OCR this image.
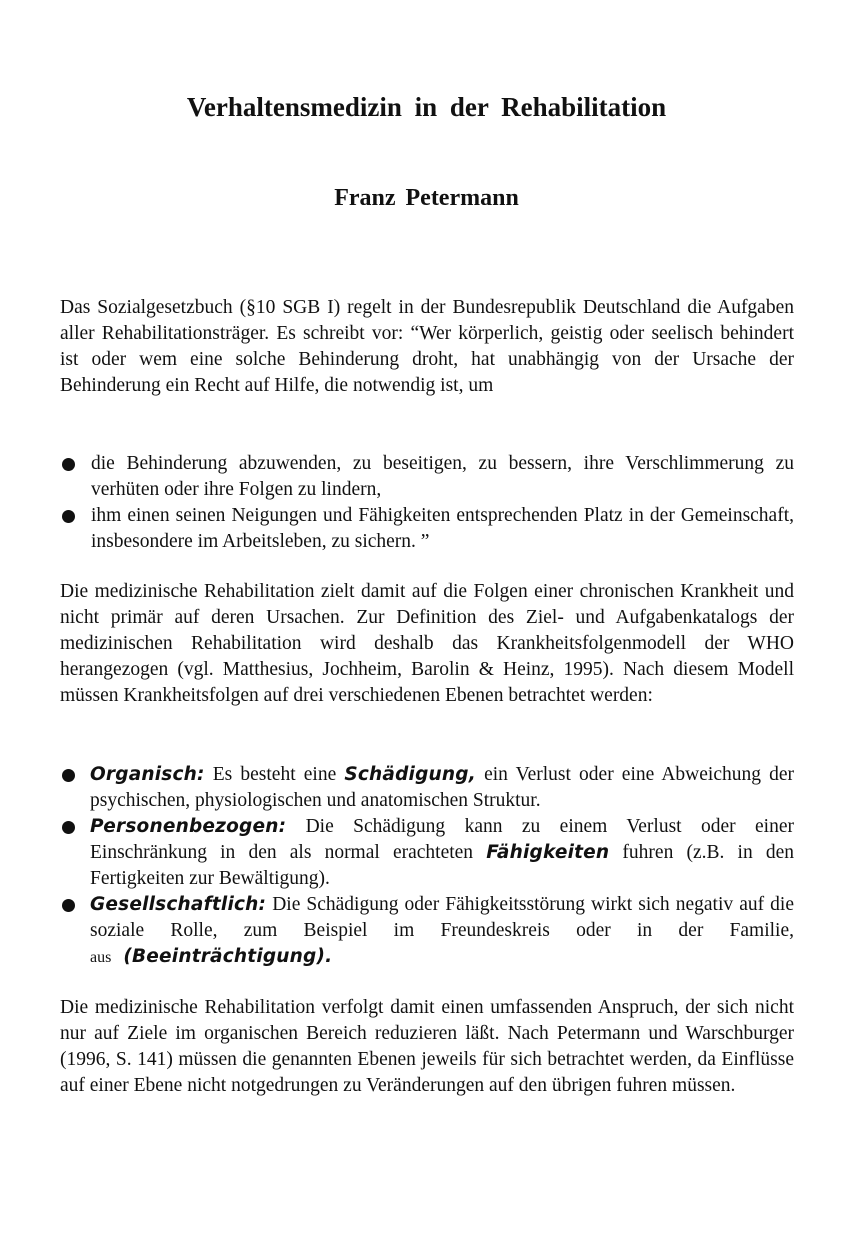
Verhaltensmedizin in der Rehabilitation
Franz Petermann

Das Sozialgesetzbuch (§10 SGB I) regelt in der Bundesrepublik Deutschland die Aufgaben aller Rehabilitationsträger. Es schreibt vor: “Wer körperlich, geistig oder seelisch behindert ist oder wem eine solche Behinderung droht, hat unabhängig von der Ursache der Behinderung ein Recht auf Hilfe, die notwendig ist, um

die Behinderung abzuwenden, zu beseitigen, zu bessern, ihre Verschlimmerung zu verhüten oder ihre Folgen zu lindern,
ihm einen seinen Neigungen und Fähigkeiten entsprechenden Platz in der Gemeinschaft, insbesondere im Arbeitsleben, zu sichern. ”

Die medizinische Rehabilitation zielt damit auf die Folgen einer chronischen Krankheit und nicht primär auf deren Ursachen. Zur Definition des Ziel- und Aufgabenkatalogs der medizinischen Rehabilitation wird deshalb das Krankheitsfolgenmodell der WHO herangezogen (vgl. Matthesius, Jochheim, Barolin & Heinz, 1995). Nach diesem Modell müssen Krankheitsfolgen auf drei verschiedenen Ebenen betrachtet werden:

Organisch: Es besteht eine Schädigung, ein Verlust oder eine Abweichung der psychischen, physiologischen und anatomischen Struktur.
Personenbezogen: Die Schädigung kann zu einem Verlust oder einer Einschränkung in den als normal erachteten Fähigkeiten fuhren (z.B. in den Fertigkeiten zur Bewältigung).
Gesellschaftlich: Die Schädigung oder Fähigkeitsstörung wirkt sich negativ auf die soziale Rolle, zum Beispiel im Freundeskreis oder in der Familie, aus (Beeinträchtigung).

Die medizinische Rehabilitation verfolgt damit einen umfassenden Anspruch, der sich nicht nur auf Ziele im organischen Bereich reduzieren läßt. Nach Petermann und Warschburger (1996, S. 141) müssen die genannten Ebenen jeweils für sich betrachtet werden, da Einflüsse auf einer Ebene nicht notgedrungen zu Veränderungen auf den übrigen fuhren müssen.
